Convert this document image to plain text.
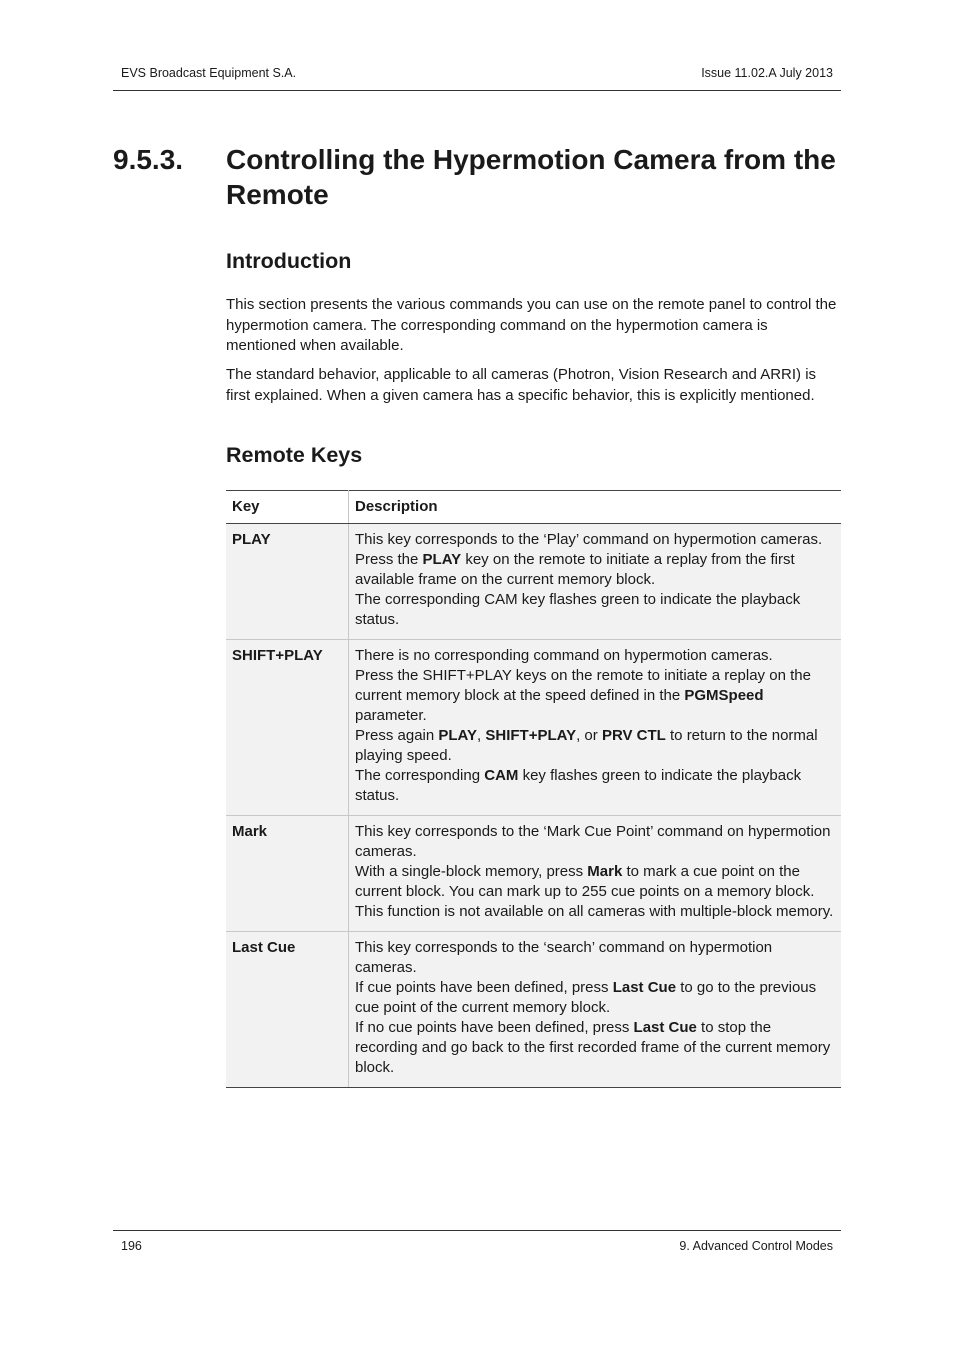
EVS Broadcast Equipment S.A.	Issue 11.02.A July 2013
9.5.3. Controlling the Hypermotion Camera from the Remote
Introduction

This section presents the various commands you can use on the remote panel to control the hypermotion camera. The corresponding command on the hypermotion camera is mentioned when available.

The standard behavior, applicable to all cameras (Photron, Vision Research and ARRI) is first explained. When a given camera has a specific behavior, this is explicitly mentioned.

Remote Keys
Key	Description
PLAY	This key corresponds to the ‘Play’ command on hypermotion cameras.
Press the PLAY key on the remote to initiate a replay from the first available frame on the current memory block.
The corresponding CAM key flashes green to indicate the playback status.

SHIFT+PLAY	There is no corresponding command on hypermotion cameras.
Press the SHIFT+PLAY keys on the remote to initiate a replay on the current memory block at the speed defined in the PGMSpeed parameter.
Press again PLAY, SHIFT+PLAY, or PRV CTL to return to the normal playing speed.
The corresponding CAM key flashes green to indicate the playback status.

Mark	This key corresponds to the ‘Mark Cue Point’ command on hypermotion cameras.
With a single-block memory, press Mark to mark a cue point on the current block. You can mark up to 255 cue points on a memory block.
This function is not available on all cameras with multiple-block memory.

Last Cue	This key corresponds to the ‘search’ command on hypermotion cameras.
If cue points have been defined, press Last Cue to go to the previous cue point of the current memory block.
If no cue points have been defined, press Last Cue to stop the recording and go back to the first recorded frame of the current memory block.
196	9. Advanced Control Modes
